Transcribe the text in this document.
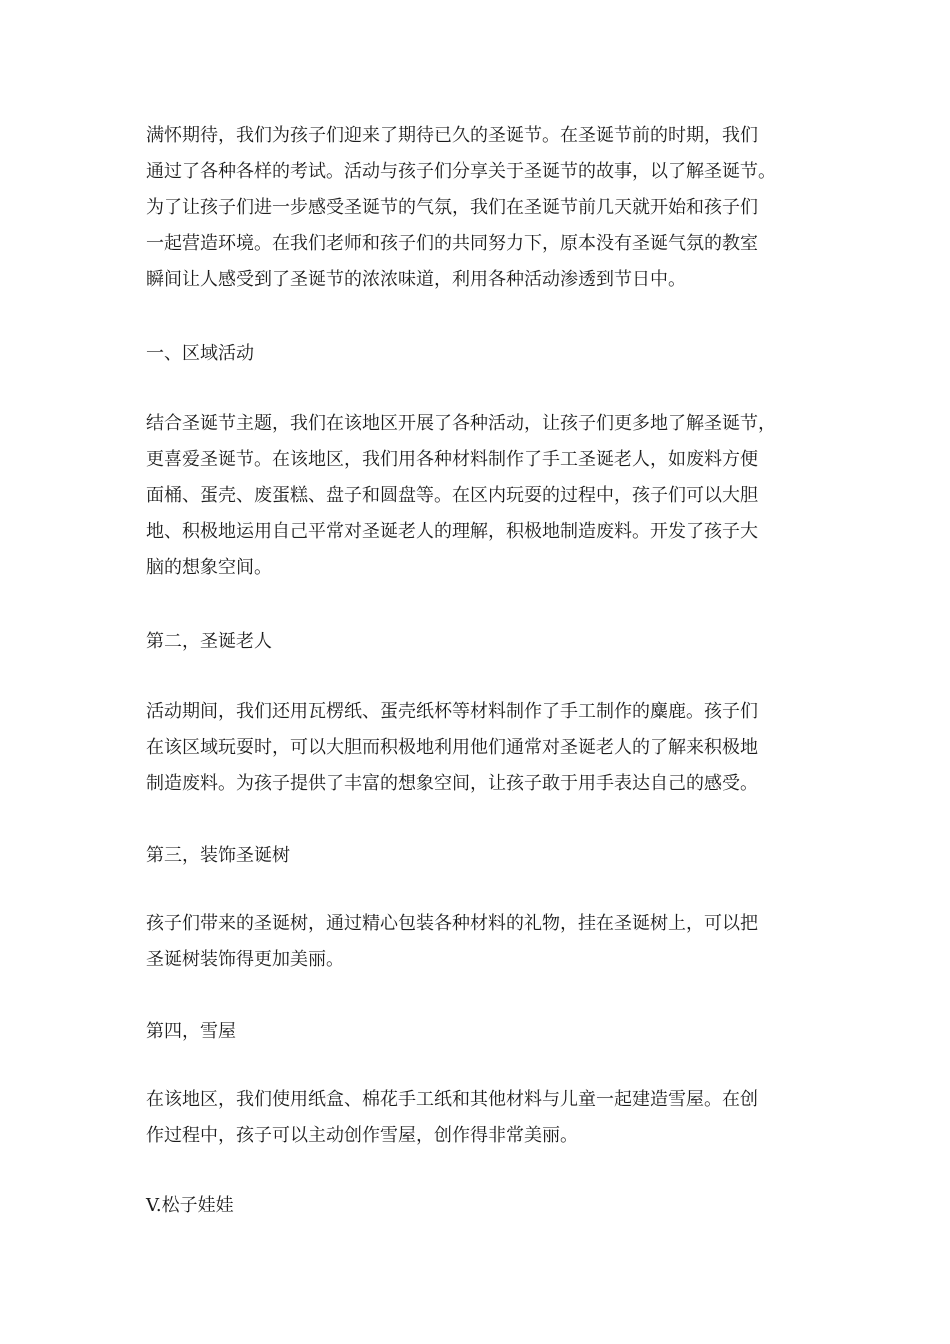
满怀期待，我们为孩子们迎来了期待已久的圣诞节。在圣诞节前的时期，我们
通过了各种各样的考试。活动与孩子们分享关于圣诞节的故事，以了解圣诞节。
为了让孩子们进一步感受圣诞节的气氛，我们在圣诞节前几天就开始和孩子们
一起营造环境。在我们老师和孩子们的共同努力下，原本没有圣诞气氛的教室
瞬间让人感受到了圣诞节的浓浓味道，利用各种活动渗透到节日中。

一、区域活动

结合圣诞节主题，我们在该地区开展了各种活动，让孩子们更多地了解圣诞节，
更喜爱圣诞节。在该地区，我们用各种材料制作了手工圣诞老人，如废料方便
面桶、蛋壳、废蛋糕、盘子和圆盘等。在区内玩耍的过程中，孩子们可以大胆
地、积极地运用自己平常对圣诞老人的理解，积极地制造废料。开发了孩子大
脑的想象空间。

第二，圣诞老人

活动期间，我们还用瓦楞纸、蛋壳纸杯等材料制作了手工制作的麋鹿。孩子们
在该区域玩耍时，可以大胆而积极地利用他们通常对圣诞老人的了解来积极地
制造废料。为孩子提供了丰富的想象空间，让孩子敢于用手表达自己的感受。

第三，装饰圣诞树

孩子们带来的圣诞树，通过精心包装各种材料的礼物，挂在圣诞树上，可以把
圣诞树装饰得更加美丽。

第四，雪屋

在该地区，我们使用纸盒、棉花手工纸和其他材料与儿童一起建造雪屋。在创
作过程中，孩子可以主动创作雪屋，创作得非常美丽。

V.松子娃娃
